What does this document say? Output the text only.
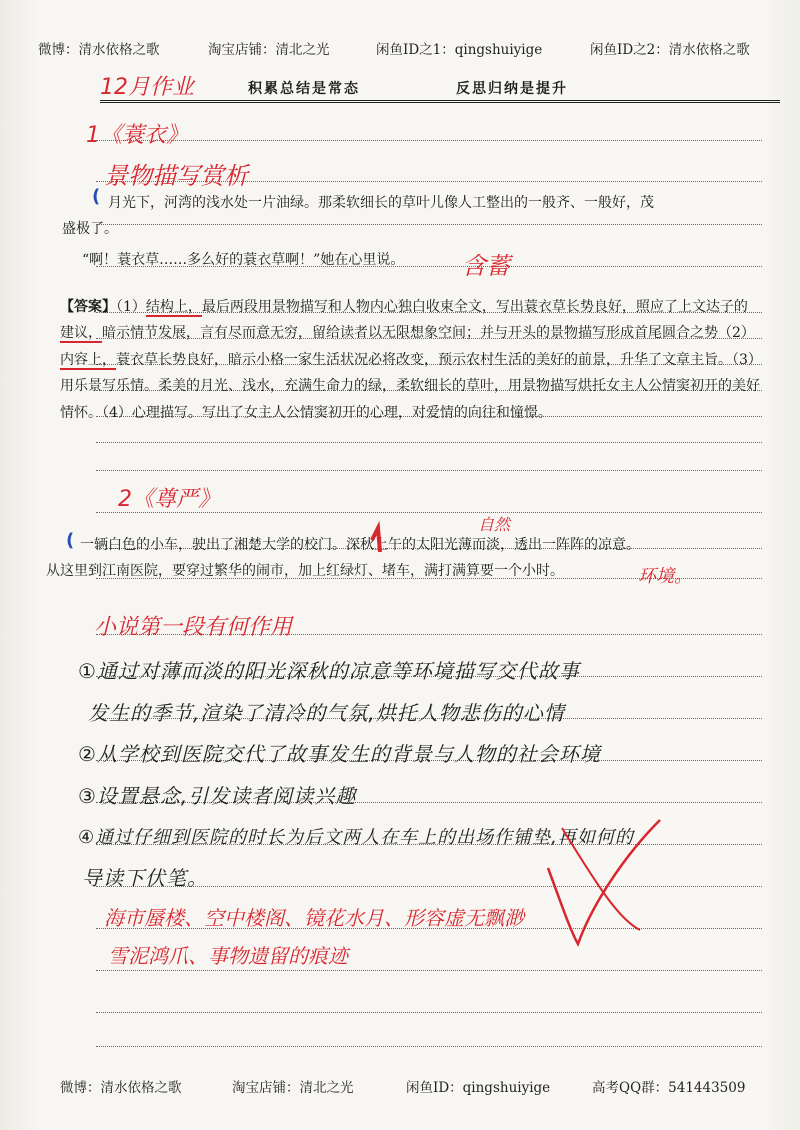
微博：清水依格之歌	淘宝店铺：清北之光	闲鱼ID之1：qingshuiyige	闲鱼ID之2：清水依格之歌
积累总结是常态	反思归纳是提升
12月作业
1《蓑衣》
景物描写赏析
( 月光下，河湾的浅水处一片油绿。那柔软细长的草叶儿像人工整出的一般齐、一般好，茂
盛极了。
“啊！蓑衣草……多么好的蓑衣草啊！”她在心里说。 含蓄
【答案】（1）结构上，最后两段用景物描写和人物内心独白收束全文，写出蓑衣草长势良好，照应了上文达子的建议，暗示情节发展，言有尽而意无穷，留给读者以无限想象空间；并与开头的景物描写形成首尾圆合之势（2）内容上，蓑衣草长势良好，暗示小格一家生活状况必将改变，预示农村生活的美好的前景，升华了文章主旨。（3）用乐景写乐情。柔美的月光、浅水，充满生命力的绿，柔软细长的草叶，用景物描写烘托女主人公情窦初开的美好情怀。（4）心理描写。写出了女主人公情窦初开的心理，对爱情的向往和憧憬。
2《尊严》
(
自然
一辆白色的小车，驶出了湘楚大学的校门。深秋上午的太阳光薄而淡，透出一阵阵的凉意。
从这里到江南医院，要穿过繁华的闹市，加上红绿灯、堵车，满打满算要一个小时。	环境。
小说第一段有何作用
①通过对薄而淡的阳光深秋的凉意等环境描写交代故事
发生的季节,渲染了清冷的气氛,烘托人物悲伤的心情
②从学校到医院交代了故事发生的背景与人物的社会环境
③设置悬念,引发读者阅读兴趣
④通过仔细到医院的时长为后文两人在车上的出场作铺垫,再如何的
导读下伏笔。
海市蜃楼、空中楼阁、镜花水月、形容虚无飘渺
雪泥鸿爪、事物遗留的痕迹
微博：清水依格之歌	淘宝店铺：清北之光	闲鱼ID：qingshuiyige	高考QQ群：541443509
